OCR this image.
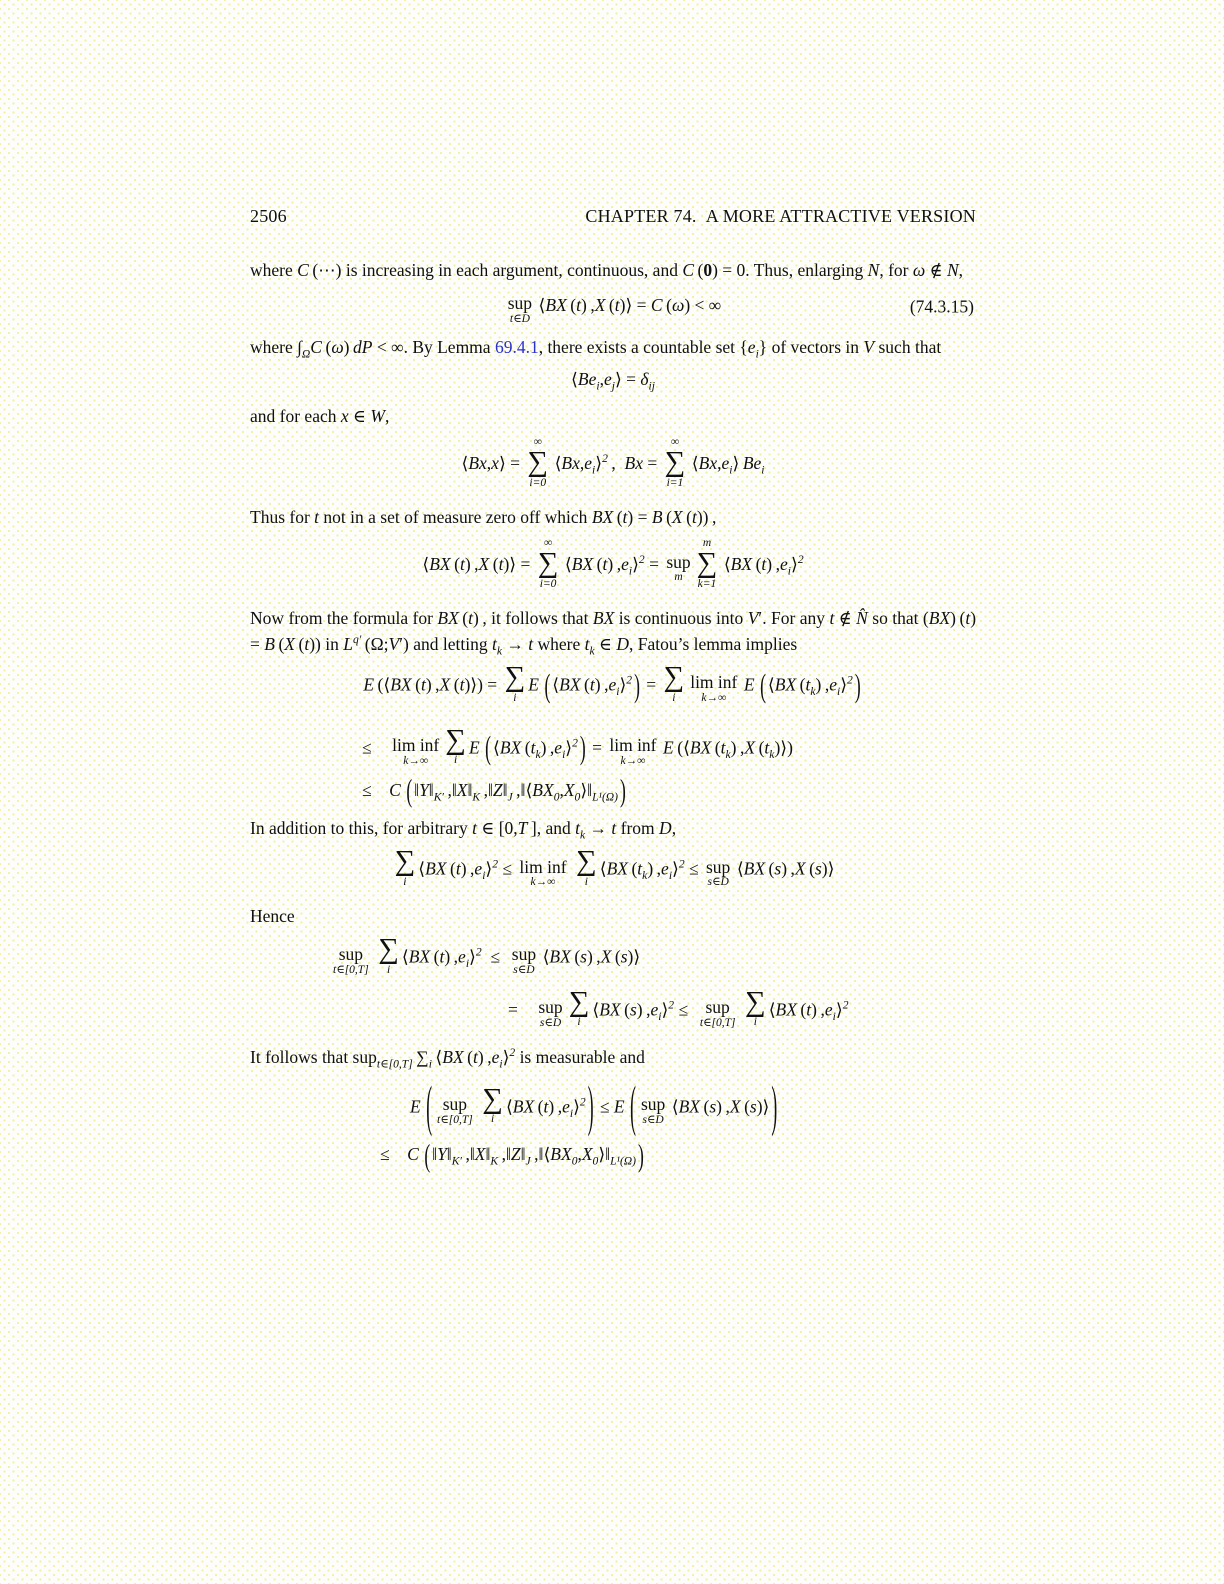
2506	CHAPTER 74. A MORE ATTRACTIVE VERSION

where C (⋯) is increasing in each argument, continuous, and C (0) = 0. Thus, enlarging N, for ω ∉ N,

sup
t∈D
 ⟨BX (t) ,X (t)⟩ = C (ω) < ∞	(74.3.15)

where $\int_\Omega C$ (ω) dP < ∞. By Lemma 69.4.1, there exists a countable set $\{e_i\}$ of vectors in V such that

$⟨Be_i,e_j⟩ = \delta_{ij}$

and for each x ∈ W,

⟨Bx,x⟩ =
∞
∑
i=0
 $⟨Bx,e_i⟩^2$ , Bx =
∞
∑
i=1
 $⟨Bx,e_i⟩$ $Be_i$

Thus for t not in a set of measure zero off which BX (t) = B (X (t)) ,

⟨BX (t) ,X (t)⟩ =
∞
∑
i=0
 ⟨BX (t) $,e_i⟩^2$ = sup
m
m
∑
k=1
 ⟨BX (t) $,e_i⟩^2$

Now from the formula for BX (t) , it follows that BX is continuous into V′. For any t ∉ N̂ so that (BX) (t) = B (X (t)) in $L^{q'}$ (Ω;V′) and letting $t_k \to t$ where $t_k$ ∈ D, Fatou’s lemma implies

E (⟨BX (t) ,X (t)⟩) = ∑
i
E  ( ⟨BX (t) $,e_i⟩^2$ ) = ∑
i
lim inf
k→∞
 E  ( ⟨BX $(t_k)$ $,e_i⟩^2$ )
≤   lim inf
k→∞
∑
i
E  ( ⟨BX $(t_k)$ $,e_i⟩^2$ ) = lim inf
k→∞
 E (⟨BX $(t_k)$ ,X $(t_k)⟩$)
≤  C  ( $‖Y‖_{K'}$ $,‖X‖_K$ $,‖Z‖_J$ $,‖⟨BX_0,X_0⟩‖_{L^1(\Omega)}$ )

In addition to this, for arbitrary t ∈ [0,T ], and $t_k \to t$ from D,

∑
i
⟨BX (t) $,e_i⟩^2 \le \lim$ inf
k→∞

∑
i
⟨BX $(t_k)$ $,e_i⟩^2$ ≤ sup
s∈D
 ⟨BX (s) ,X (s)⟩

Hence

sup
t∈[0,T]

∑
i
⟨BX (t) $,e_i⟩^2$ ≤  sup
s∈D
 ⟨BX (s) ,X (s)⟩
=   sup
s∈D
∑
i
⟨BX (s) $,e_i⟩^2$ ≤  sup
t∈[0,T]

∑
i
⟨BX (t) $,e_i⟩^2$

It follows that sup$_{t\in[0,T]}$ $\sum_i$ ⟨BX (t) $,e_i⟩^2$ is measurable and

E  ( sup
t∈[0,T]

∑
i
⟨BX (t) $,e_i⟩^2$ ) ≤ E  ( sup
s∈D
 ⟨BX (s) ,X (s)⟩ )
≤  C  ( $‖Y‖_{K'}$ $,‖X‖_K$ $,‖Z‖_J$ $,‖⟨BX_0,X_0⟩‖_{L^1(\Omega)}$ )
